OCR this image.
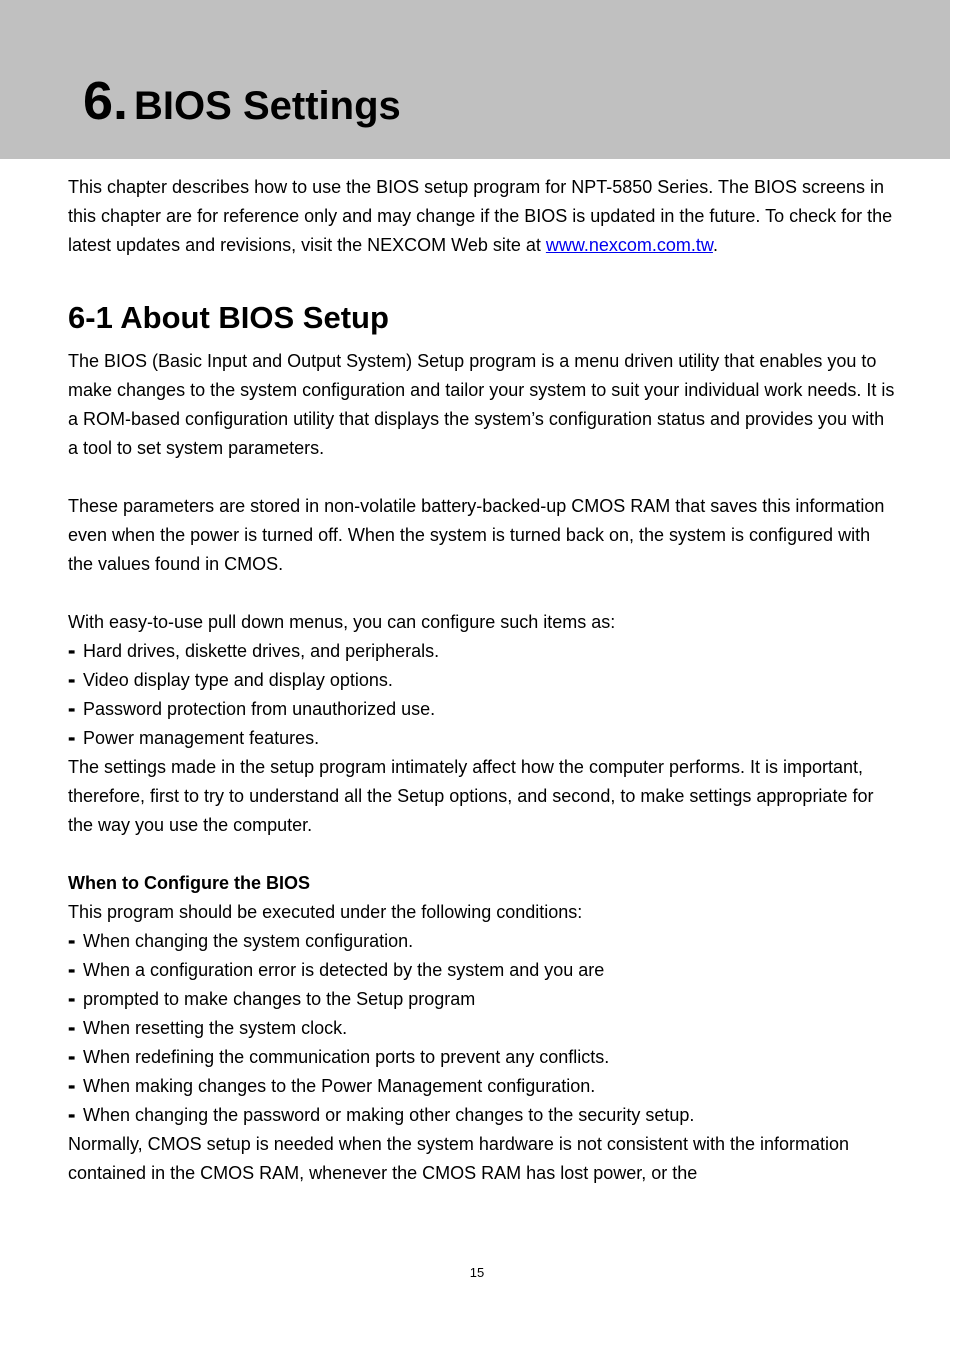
6. BIOS Settings

This chapter describes how to use the BIOS setup program for NPT-5850 Series. The BIOS screens in this chapter are for reference only and may change if the BIOS is updated in the future. To check for the latest updates and revisions, visit the NEXCOM Web site at www.nexcom.com.tw.

6-1 About BIOS Setup

The BIOS (Basic Input and Output System) Setup program is a menu driven utility that enables you to make changes to the system configuration and tailor your system to suit your individual work needs. It is a ROM-based configuration utility that displays the system’s configuration status and provides you with a tool to set system parameters.

These parameters are stored in non-volatile battery-backed-up CMOS RAM that saves this information even when the power is turned off. When the system is turned back on, the system is configured with the values found in CMOS.

With easy-to-use pull down menus, you can configure such items as:

▪▪ Hard drives, diskette drives, and peripherals.
▪▪ Video display type and display options.
▪▪ Password protection from unauthorized use.
▪▪ Power management features.

The settings made in the setup program intimately affect how the computer performs. It is important, therefore, first to try to understand all the Setup options, and second, to make settings appropriate for the way you use the computer.

When to Configure the BIOS

This program should be executed under the following conditions:

▪▪ When changing the system configuration.
▪▪ When a configuration error is detected by the system and you are
▪▪ prompted to make changes to the Setup program
▪▪ When resetting the system clock.
▪▪ When redefining the communication ports to prevent any conflicts.
▪▪ When making changes to the Power Management configuration.
▪▪ When changing the password or making other changes to the security setup.

Normally, CMOS setup is needed when the system hardware is not consistent with the information contained in the CMOS RAM, whenever the CMOS RAM has lost power, or the

15
